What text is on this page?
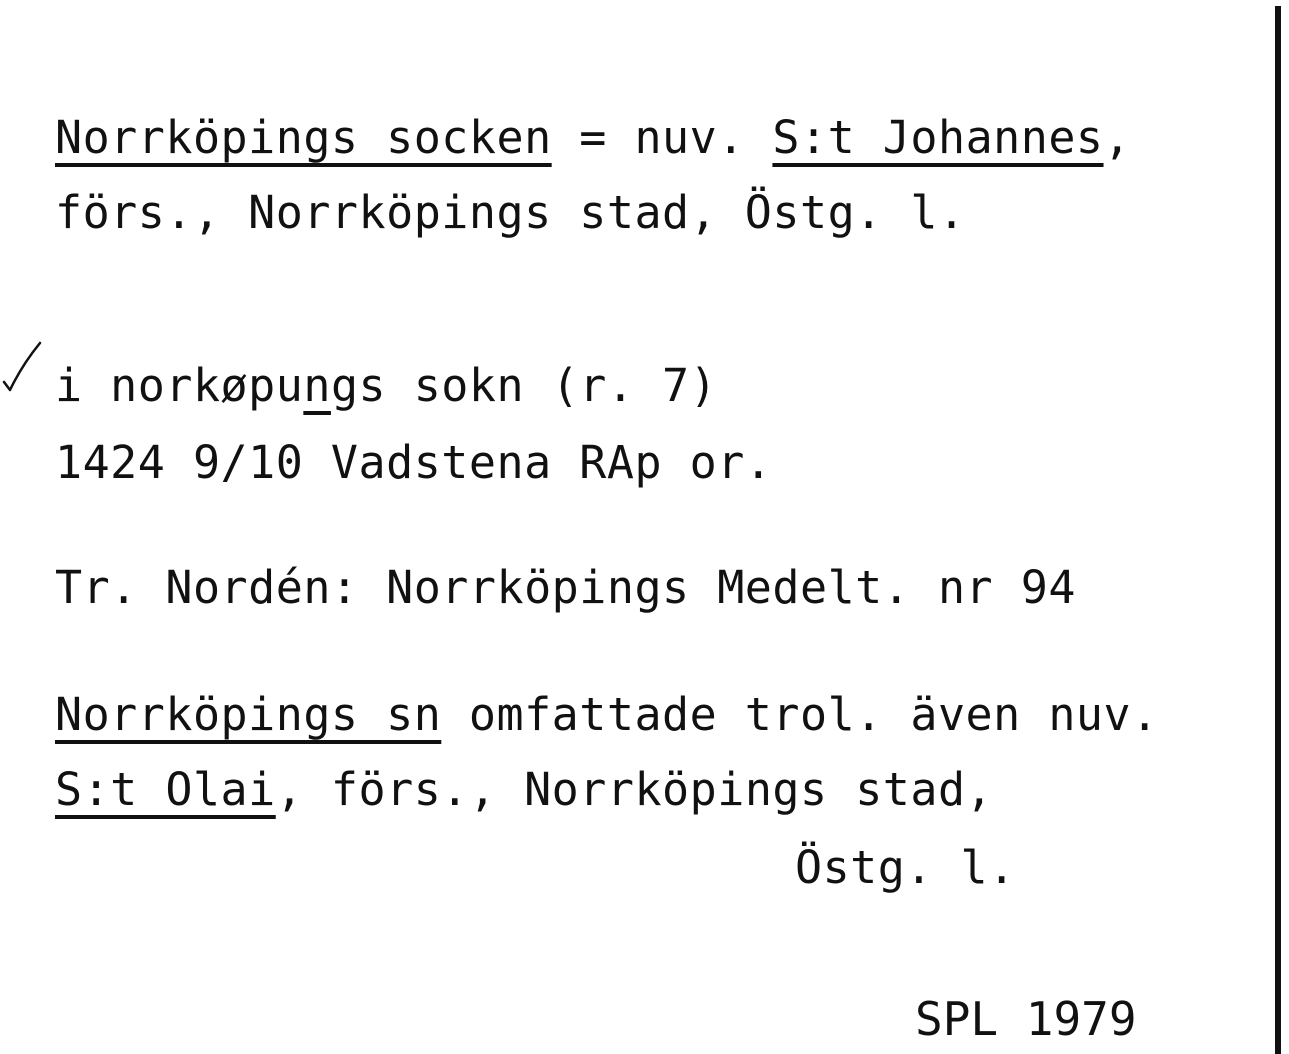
Norrköpings socken = nuv. S:t Johannes,
förs., Norrköpings stad, Östg. l.
i norkøpungs sokn (r. 7)
1424 9/10 Vadstena RAp or.
Tr. Nordén: Norrköpings Medelt. nr 94
Norrköpings sn omfattade trol. även nuv.
S:t Olai, förs., Norrköpings stad,
Östg. l.
SPL 1979
